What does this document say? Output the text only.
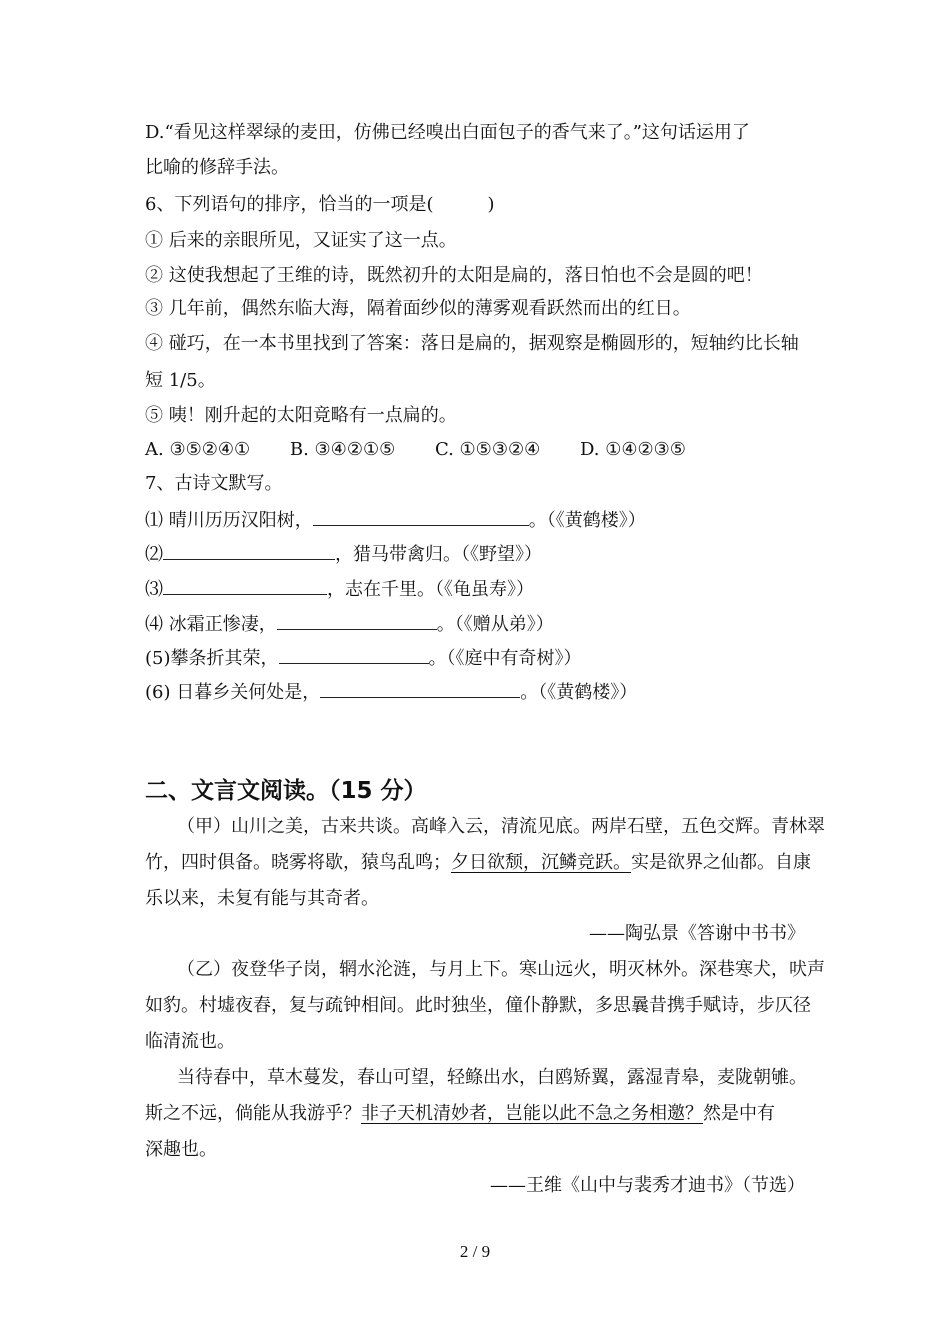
D.“看见这样翠绿的麦田，仿佛已经嗅出白面包子的香气来了。”这句话运用了
比喻的修辞手法。
6、下列语句的排序，恰当的一项是(　　　)
① 后来的亲眼所见，又证实了这一点。
② 这使我想起了王维的诗，既然初升的太阳是扁的，落日怕也不会是圆的吧！
③ 几年前，偶然东临大海，隔着面纱似的薄雾观看跃然而出的红日。
④ 碰巧，在一本书里找到了答案：落日是扁的，据观察是椭圆形的，短轴约比长轴
短 1/5。
⑤ 咦！刚升起的太阳竟略有一点扁的。
A. ③⑤②④① B. ③④②①⑤ C. ①⑤③②④ D. ①④②③⑤
7、古诗文默写。
⑴ 晴川历历汉阳树，	。（《黄鹤楼》）
⑵	，猎马带禽归。（《野望》）
⑶	，志在千里。（《龟虽寿》）
⑷ 冰霜正惨凄，	。（《赠从弟》）
(5)攀条折其荣，	。（《庭中有奇树》）
(6) 日暮乡关何处是，	。（《黄鹤楼》）
二、文言文阅读。（15 分）
（甲）山川之美，古来共谈。高峰入云，清流见底。两岸石壁，五色交辉。青林翠
竹，四时俱备。晓雾将歇，猿鸟乱鸣；夕日欲颓，沉鳞竞跃。实是欲界之仙都。自康
乐以来，未复有能与其奇者。
——陶弘景《答谢中书书》
（乙）夜登华子岗，辋水沦涟，与月上下。寒山远火，明灭林外。深巷寒犬，吠声
如豹。村墟夜舂，复与疏钟相间。此时独坐，僮仆静默，多思曩昔携手赋诗，步仄径
临清流也。
当待春中，草木蔓发，春山可望，轻鲦出水，白鸥矫翼，露湿青皋，麦陇朝雊。
斯之不远，倘能从我游乎？非子天机清妙者，岂能以此不急之务相邀？然是中有
深趣也。
——王维《山中与裴秀才迪书》（节选）
2 / 9
